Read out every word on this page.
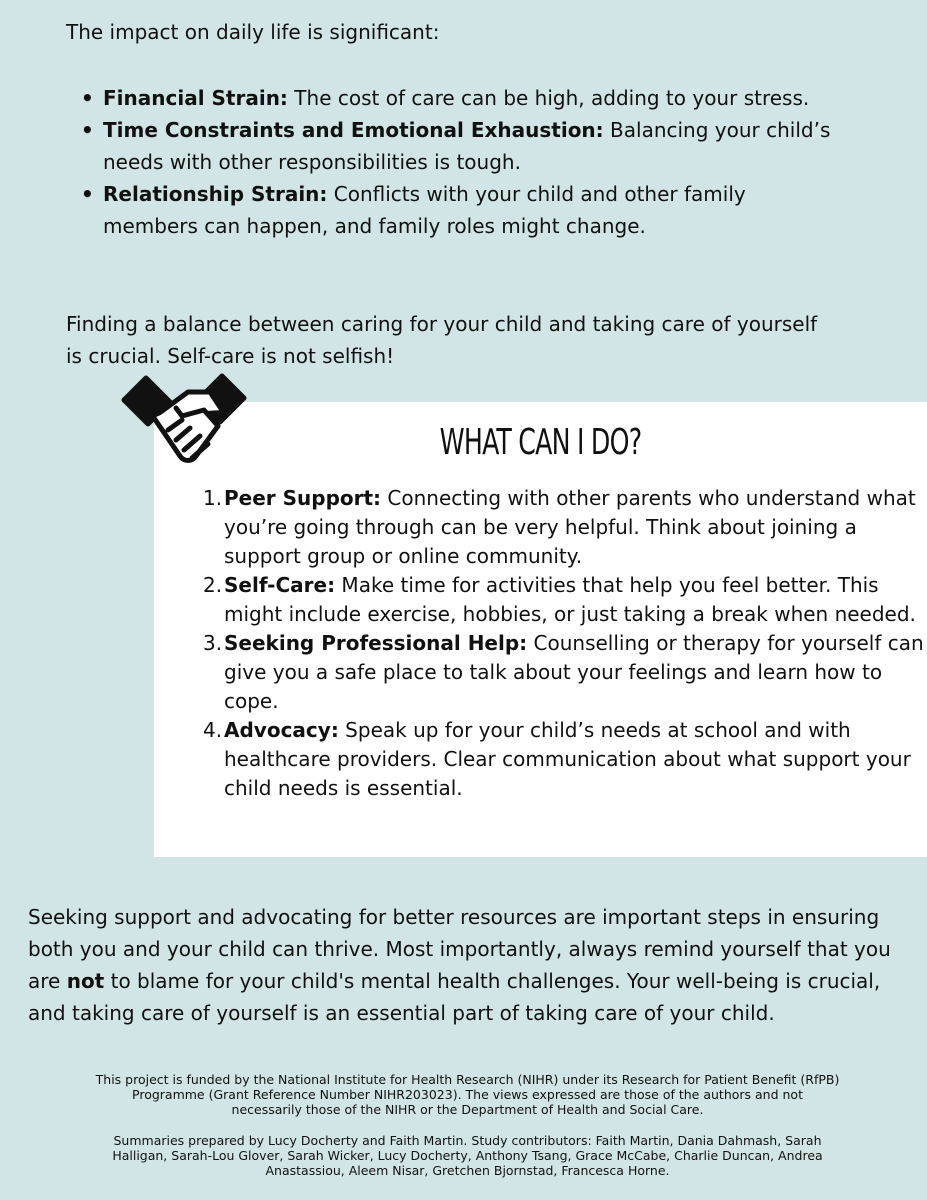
The impact on daily life is significant:

• Financial Strain: The cost of care can be high, adding to your stress.
• Time Constraints and Emotional Exhaustion: Balancing your child’s needs with other responsibilities is tough.
• Relationship Strain: Conflicts with your child and other family members can happen, and family roles might change.

Finding a balance between caring for your child and taking care of yourself is crucial. Self-care is not selfish!

WHAT CAN I DO?
1. Peer Support: Connecting with other parents who understand what you’re going through can be very helpful. Think about joining a support group or online community.
2. Self-Care: Make time for activities that help you feel better. This might include exercise, hobbies, or just taking a break when needed.
3. Seeking Professional Help: Counselling or therapy for yourself can give you a safe place to talk about your feelings and learn how to cope.
4. Advocacy: Speak up for your child’s needs at school and with healthcare providers. Clear communication about what support your child needs is essential.

Seeking support and advocating for better resources are important steps in ensuring both you and your child can thrive. Most importantly, always remind yourself that you are not to blame for your child's mental health challenges. Your well-being is crucial, and taking care of yourself is an essential part of taking care of your child.

This project is funded by the National Institute for Health Research (NIHR) under its Research for Patient Benefit (RfPB) Programme (Grant Reference Number NIHR203023). The views expressed are those of the authors and not necessarily those of the NIHR or the Department of Health and Social Care.

Summaries prepared by Lucy Docherty and Faith Martin. Study contributors: Faith Martin, Dania Dahmash, Sarah Halligan, Sarah-Lou Glover, Sarah Wicker, Lucy Docherty, Anthony Tsang, Grace McCabe, Charlie Duncan, Andrea Anastassiou, Aleem Nisar, Gretchen Bjornstad, Francesca Horne.
